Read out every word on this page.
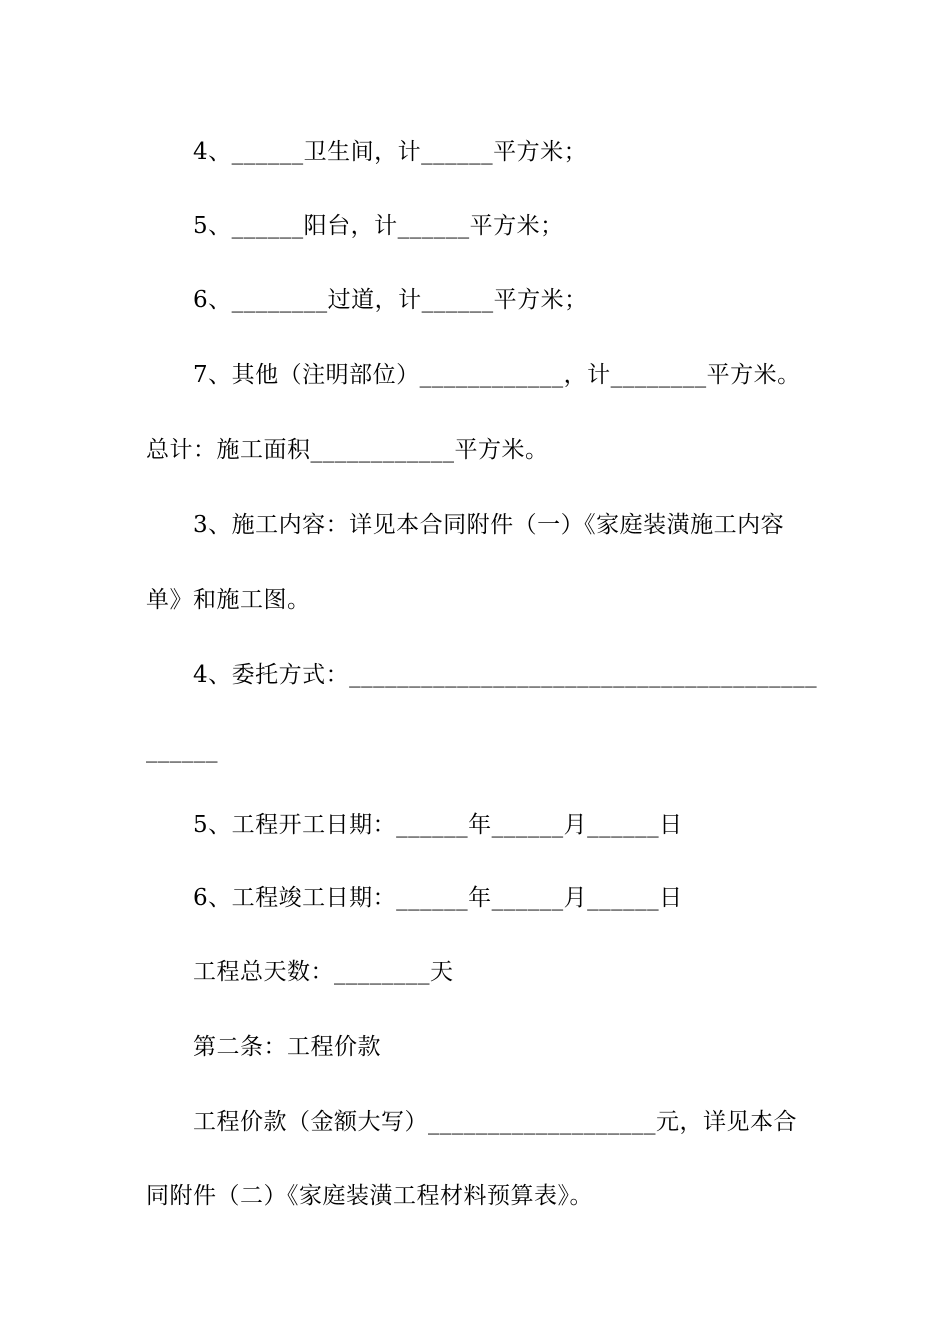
4、______卫生间，计______平方米；
5、______阳台，计______平方米；
6、________过道，计______平方米；
7、其他（注明部位）____________，计________平方米。
总计：施工面积____________平方米。
3、施工内容：详见本合同附件（一）《家庭装潢施工内容
单》和施工图。
4、委托方式：_______________________________________
______
5、工程开工日期：______年______月______日
6、工程竣工日期：______年______月______日
工程总天数：________天
第二条：工程价款
工程价款（金额大写）___________________元，详见本合
同附件（二）《家庭装潢工程材料预算表》。
